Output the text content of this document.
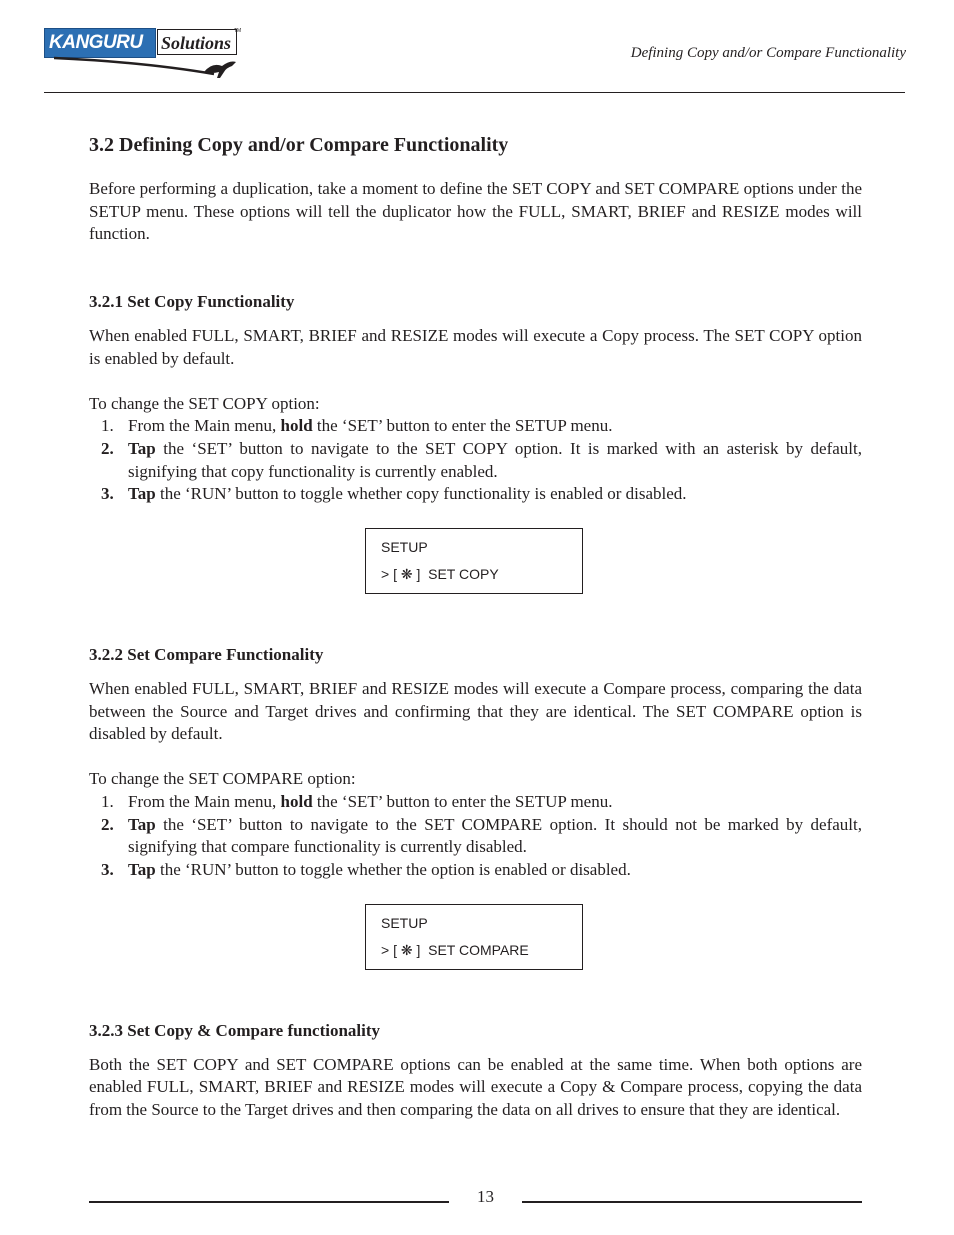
KANGURU Solutions
TM
Defining Copy and/or Compare Functionality
3.2 Defining Copy and/or Compare Functionality

Before performing a duplication, take a moment to define the SET COPY and SET COMPARE options under the SETUP menu. These options will tell the duplicator how the FULL, SMART, BRIEF and RESIZE modes will function.

3.2.1 Set Copy Functionality

When enabled FULL, SMART, BRIEF and RESIZE modes will execute a Copy process. The SET COPY option is enabled by default.

To change the SET COPY option:

1. From the Main menu, hold the ‘SET’ button to enter the SETUP menu.
2. Tap the ‘SET’ button to navigate to the SET COPY option. It is marked with an asterisk by default, signifying that copy functionality is currently enabled.
3. Tap the ‘RUN’ button to toggle whether copy functionality is enabled or disabled.
SETUP
> [ ❋ ]  SET COPY
3.2.2 Set Compare Functionality

When enabled FULL, SMART, BRIEF and RESIZE modes will execute a Compare process, comparing the data between the Source and Target drives and confirming that they are identical. The SET COMPARE option is disabled by default.

To change the SET COMPARE option:

1. From the Main menu, hold the ‘SET’ button to enter the SETUP menu.
2. Tap the ‘SET’ button to navigate to the SET COMPARE option. It should not be marked by default, signifying that compare functionality is currently disabled.
3. Tap the ‘RUN’ button to toggle whether the option is enabled or disabled.
SETUP
> [ ❋ ]  SET COMPARE
3.2.3 Set Copy & Compare functionality

Both the SET COPY and SET COMPARE options can be enabled at the same time. When both options are enabled FULL, SMART, BRIEF and RESIZE modes will execute a Copy & Compare process, copying the data from the Source to the Target drives and then comparing the data on all drives to ensure that they are identical.

13
